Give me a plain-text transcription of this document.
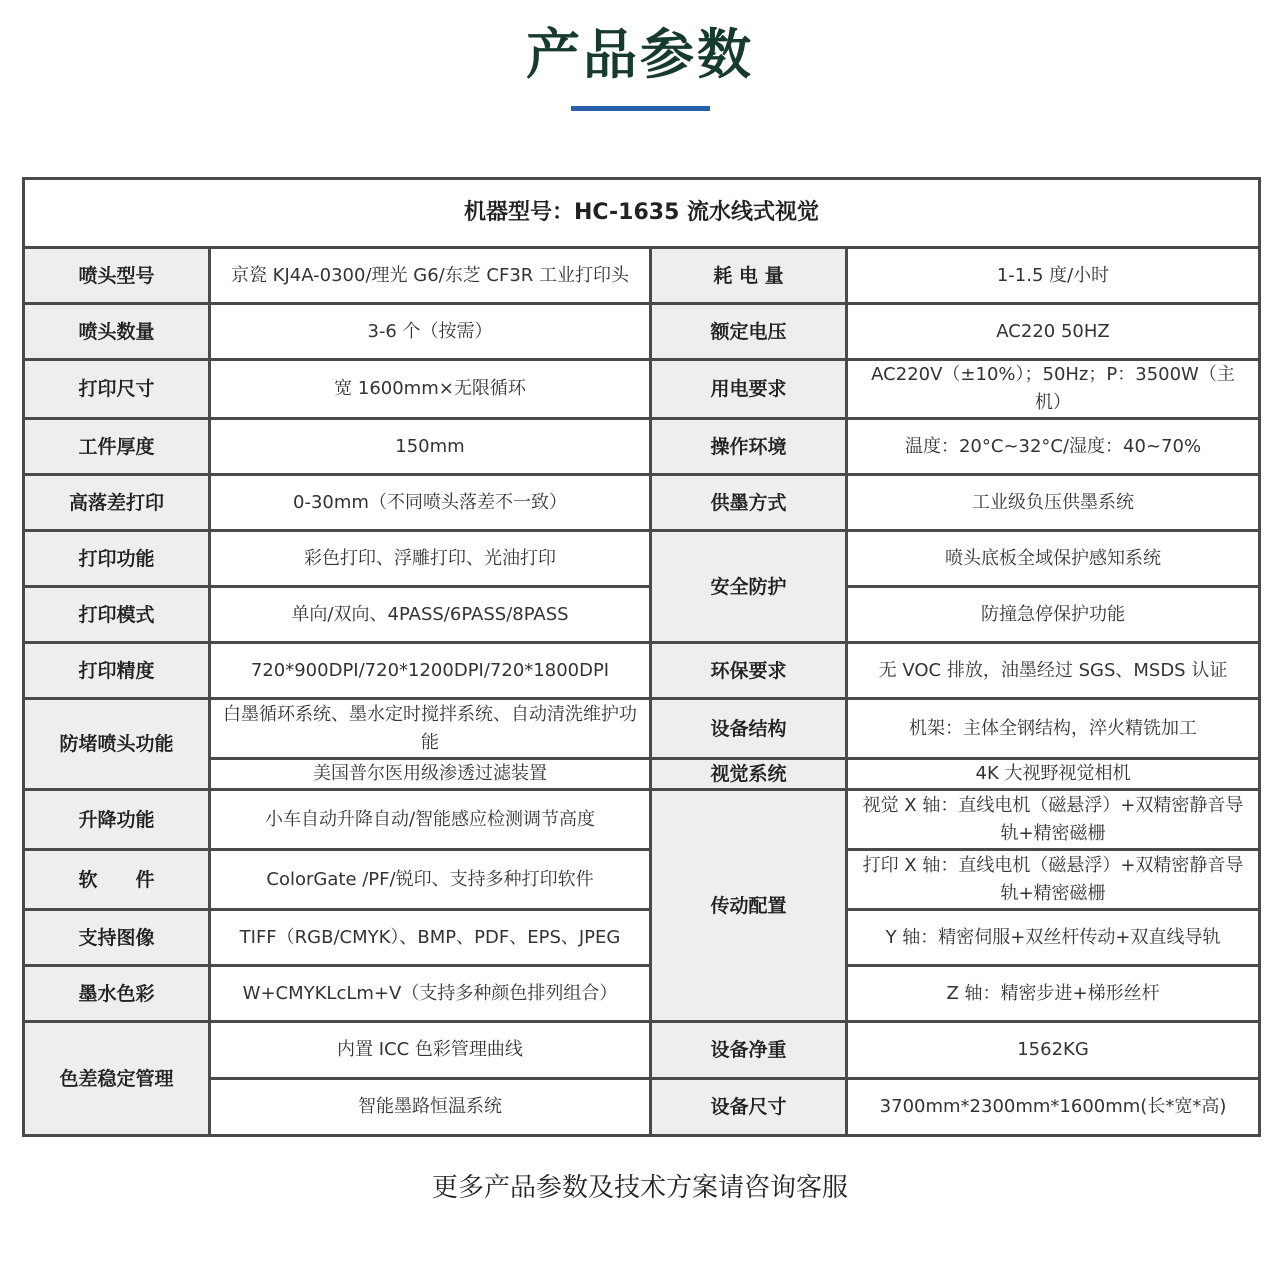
产品参数
机器型号：HC-1635 流水线式视觉			
喷头型号	京瓷 KJ4A-0300/理光 G6/东芝 CF3R 工业打印头	耗 电 量	1-1.5 度/小时
喷头数量	3-6 个（按需）	额定电压	AC220 50HZ
打印尺寸	宽 1600mm×无限循环	用电要求	AC220V（±10%）；50Hz；P：3500W（主机）
工件厚度	150mm	操作环境	温度：20°C~32°C/湿度：40~70%
高落差打印	0-30mm（不同喷头落差不一致）	供墨方式	工业级负压供墨系统
打印功能	彩色打印、浮雕打印、光油打印	安全防护	喷头底板全域保护感知系统
打印模式	单向/双向、4PASS/6PASS/8PASS		防撞急停保护功能
打印精度	720*900DPI/720*1200DPI/720*1800DPI	环保要求	无 VOC 排放，油墨经过 SGS、MSDS 认证
防堵喷头功能	白墨循环系统、墨水定时搅拌系统、自动清洗维护功能	设备结构	机架：主体全钢结构，淬火精铣加工
	美国普尔医用级渗透过滤装置	视觉系统	4K 大视野视觉相机
升降功能	小车自动升降自动/智能感应检测调节高度	传动配置	视觉 X 轴：直线电机（磁悬浮）+双精密静音导轨+精密磁栅
软　　件	ColorGate /PF/锐印、支持多种打印软件		打印 X 轴：直线电机（磁悬浮）+双精密静音导轨+精密磁栅
支持图像	TIFF（RGB/CMYK）、BMP、PDF、EPS、JPEG		Y 轴：精密伺服+双丝杆传动+双直线导轨
墨水色彩	W+CMYKLcLm+V（支持多种颜色排列组合）		Z 轴：精密步进+梯形丝杆
色差稳定管理	内置 ICC 色彩管理曲线	设备净重	1562KG
	智能墨路恒温系统	设备尺寸	3700mm*2300mm*1600mm(长*宽*高)
更多产品参数及技术方案请咨询客服
